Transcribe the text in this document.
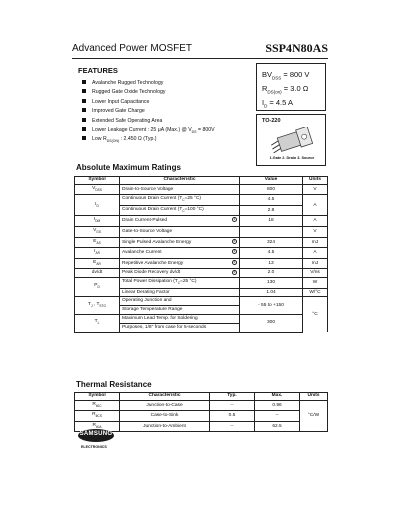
Advanced Power MOSFET	SSP4N80AS
FEATURES
Avalanche Rugged Technology
Rugged Gate Oxide Technology
Lower Input Capacitance
Improved Gate Charge
Extended Safe Operating Area
Lower Leakage Current : 25 μA (Max.) @ $V_{DS} = 800V$
Low $R_{DS(ON)}$ : 2.450 Ω (Typ.)
$BV_{DSS} = 800$ V
$R_{DS(on)} = 3.0$ Ω
$I_D = 4.5$ A
TO-220
1.Gate 2. Drain 3. Source
Absolute Maximum Ratings
Symbol	Characteristic	Value	Units
$V_{DSS}$	Drain-to-Source Voltage	800	V
$I_D$	Continuous Drain Current ($T_C=25$ °C)	4.5	A
	Continuous Drain Current ($T_C=100$ °C)	2.8	
$I_{DM}$	Drain Current-Pulsed 1	18	A
$V_{GS}$	Gate-to-Source Voltage		V
$E_{AS}$	Single Pulsed Avalanche Energy 2	324	mJ
$I_{AR}$	Avalanche Current 1	4.5	A
$E_{AR}$	Repetitive Avalanche Energy 1	13	mJ
dv/dt	Peak Diode Recovery dv/dt 3	2.0	V/ns
$P_D$	Total Power Dissipation ($T_C=25$ °C)	130	W
	Linear Derating Factor	1.04	W/°C
$T_J$ , $T_{STG}$	Operating Junction and	- 55 to +150	°C
	Storage Temperature Range		
$T_L$	Maximum Lead Temp. for Soldering	300	
	Purposes, 1/8" from case for 5-seconds		
Thermal Resistance
Symbol	Characteristic	Typ.	Max.	Units
$R_{\theta JC}$	Junction-to-Case	--	0.96	°C/W
$R_{\theta CS}$	Case-to-Sink	0.5	--	
$R_{\theta JA}$	Junction-to-Ambient	--	62.5	
SAMSUNG
ELECTRONICS
